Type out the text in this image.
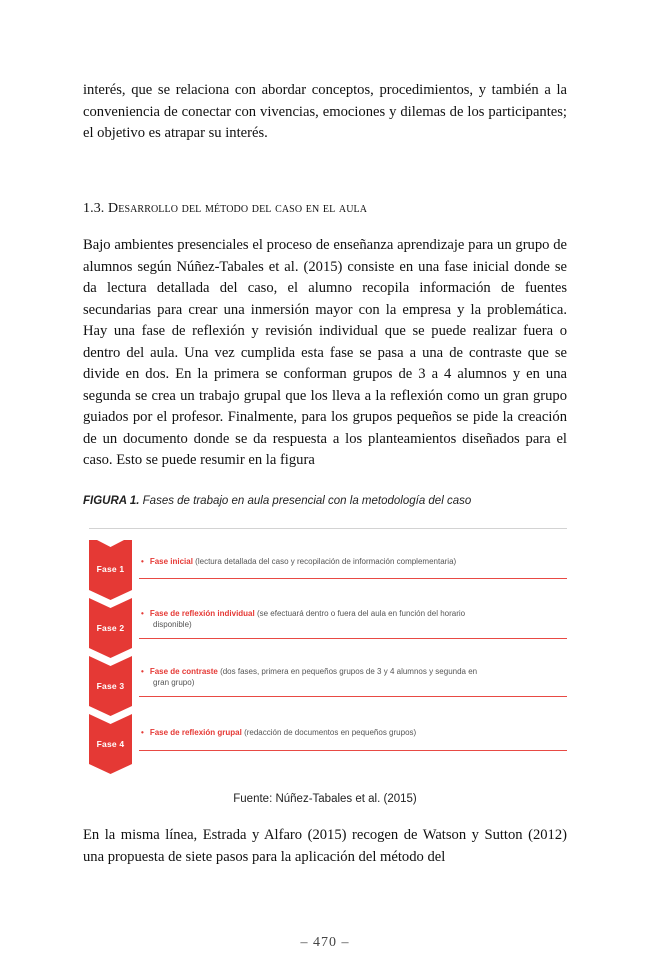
interés, que se relaciona con abordar conceptos, procedimientos, y también a la conveniencia de conectar con vivencias, emociones y dilemas de los participantes; el objetivo es atrapar su interés.

1.3. Desarrollo del método del caso en el aula

Bajo ambientes presenciales el proceso de enseñanza aprendizaje para un grupo de alumnos según Núñez-Tabales et al. (2015) consiste en una fase inicial donde se da lectura detallada del caso, el alumno recopila información de fuentes secundarias para crear una inmersión mayor con la empresa y la problemática. Hay una fase de reflexión y revisión individual que se puede realizar fuera o dentro del aula. Una vez cumplida esta fase se pasa a una de contraste que se divide en dos. En la primera se conforman grupos de 3 a 4 alumnos y en una segunda se crea un trabajo grupal que los lleva a la reflexión como un gran grupo guiados por el profesor. Finalmente, para los grupos pequeños se pide la creación de un documento donde se da respuesta a los planteamientos diseñados para el caso. Esto se puede resumir en la figura

FIGURA 1. Fases de trabajo en aula presencial con la metodología del caso
Fase 1
• Fase inicial (lectura detallada del caso y recopilación de información complementaria)
Fase 2
• Fase de reflexión individual (se efectuará dentro o fuera del aula en función del horario
disponible)
Fase 3
• Fase de contraste (dos fases, primera en pequeños grupos de 3 y 4 alumnos y segunda en
gran grupo)
Fase 4
• Fase de reflexión grupal (redacción de documentos en pequeños grupos)
Fuente: Núñez-Tabales et al. (2015)

En la misma línea, Estrada y Alfaro (2015) recogen de Watson y Sutton (2012) una propuesta de siete pasos para la aplicación del método del

– 470 –
